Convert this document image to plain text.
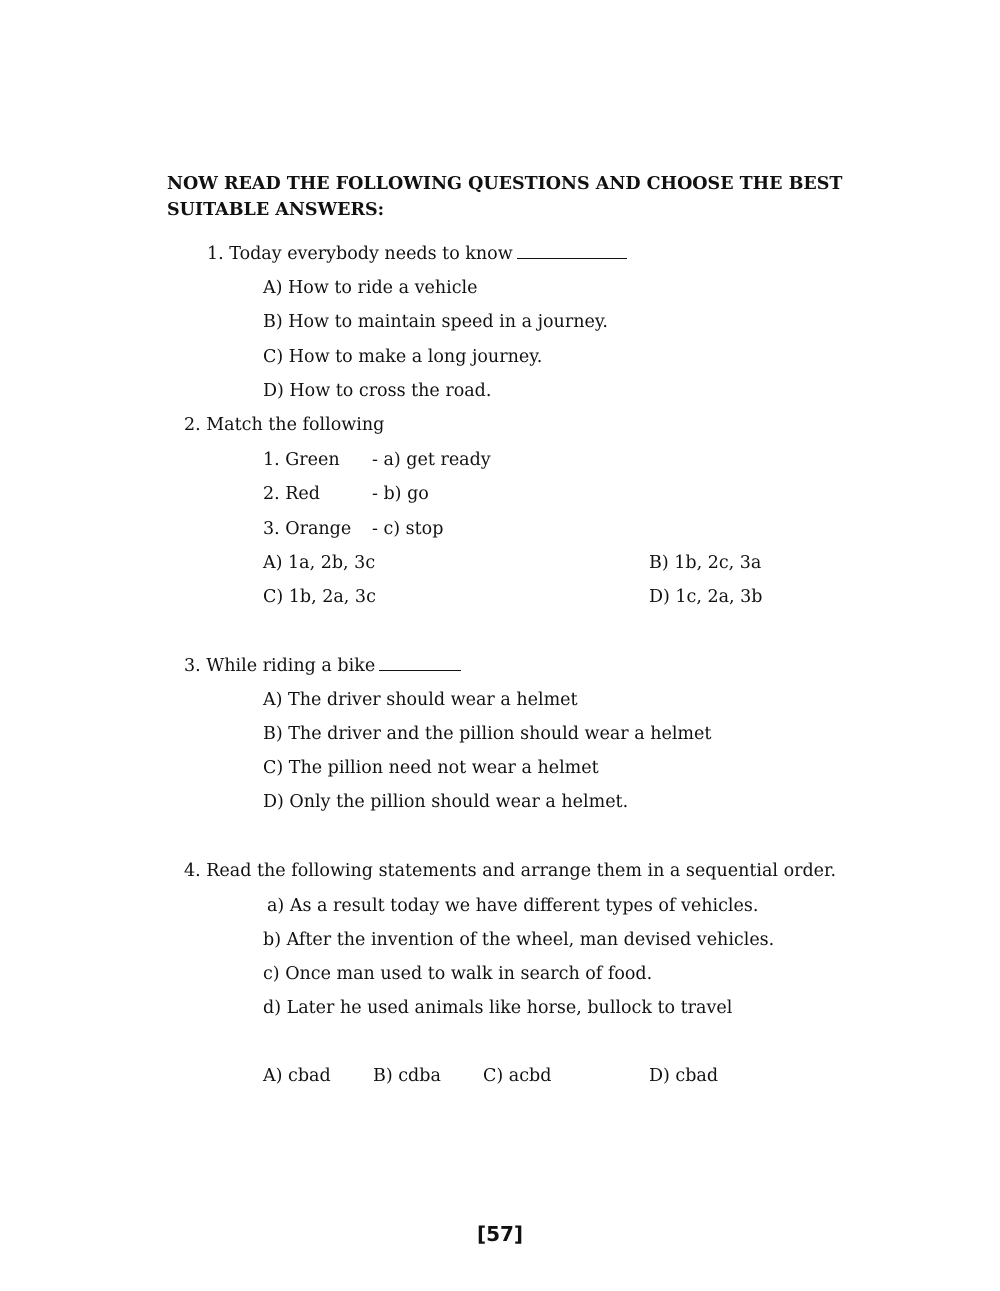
NOW READ THE FOLLOWING QUESTIONS AND CHOOSE THE BEST
SUITABLE ANSWERS:
1. Today everybody needs to know
A) How to ride a vehicle
B) How to maintain speed in a journey.
C) How to make a long journey.
D) How to cross the road.
2. Match the following
1. Green - a) get ready
2. Red	- b) go
3. Orange - c) stop
A) 1a, 2b, 3c	B) 1b, 2c, 3a
C) 1b, 2a, 3c	D) 1c, 2a, 3b
3. While riding a bike
A) The driver should wear a helmet
B) The driver and the pillion should wear a helmet
C) The pillion need not wear a helmet
D) Only the pillion should wear a helmet.
4. Read the following statements and arrange them in a sequential order.
a) As a result today we have different types of vehicles.
b) After the invention of the wheel, man devised vehicles.
c) Once man used to walk in search of food.
d) Later he used animals like horse, bullock to travel
A) cbad B) cdba C) acbd	D) cbad
[57]
